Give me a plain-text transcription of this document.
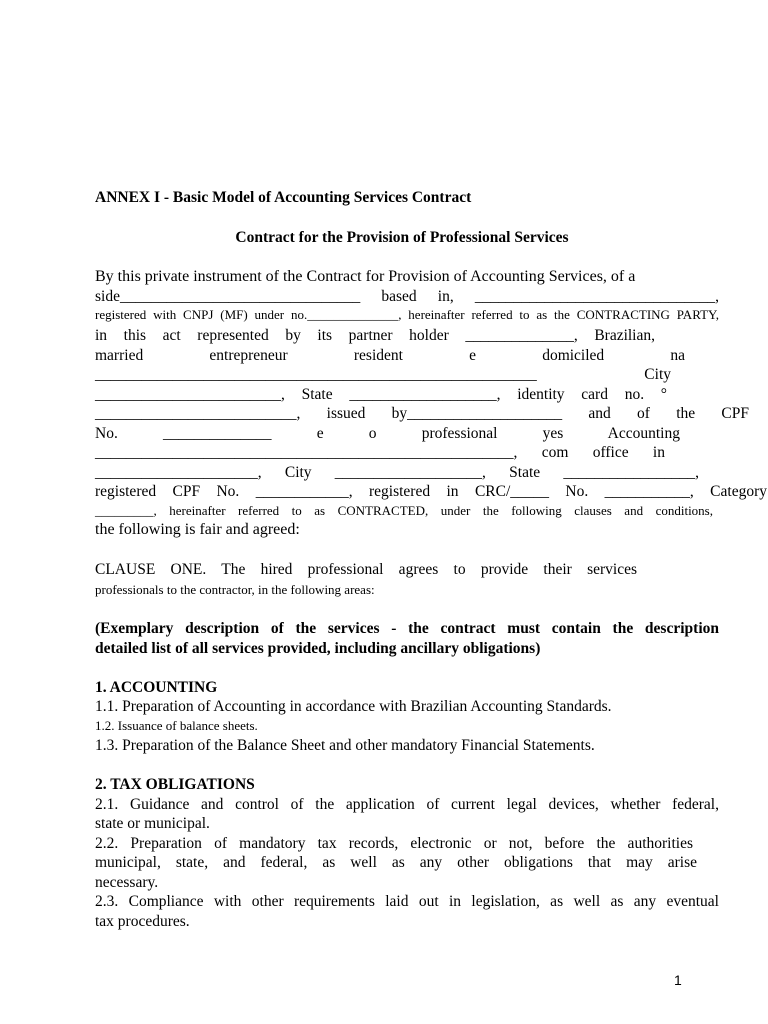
ANNEX I - Basic Model of Accounting Services Contract
Contract for the Provision of Professional Services
By this private instrument of the Contract for Provision of Accounting Services, of a
side_______________________________ based in, _______________________________,
registered with CNPJ (MF) under no.______________, hereinafter referred to as the CONTRACTING PARTY,
in this act represented by its partner holder ______________, Brazilian,
married entrepreneur resident e domiciled na
_________________________________________________________ City
________________________, State ___________________, identity card no. °
__________________________, issued by____________________ and of the CPF
No. ______________ e o professional yes Accounting
______________________________________________________, com office in
_____________________, City ___________________, State _________________,
registered CPF No. ____________, registered in CRC/_____ No. ___________, Category
_________, hereinafter referred to as CONTRACTED, under the following clauses and conditions,
the following is fair and agreed:
CLAUSE ONE. The hired professional agrees to provide their services
professionals to the contractor, in the following areas:
(Exemplary description of the services - the contract must contain the description
detailed list of all services provided, including ancillary obligations)
1. ACCOUNTING
1.1. Preparation of Accounting in accordance with Brazilian Accounting Standards.
1.2. Issuance of balance sheets.
1.3. Preparation of the Balance Sheet and other mandatory Financial Statements.
2. TAX OBLIGATIONS
2.1. Guidance and control of the application of current legal devices, whether federal,
state or municipal.
2.2. Preparation of mandatory tax records, electronic or not, before the authorities
municipal, state, and federal, as well as any other obligations that may arise
necessary.
2.3. Compliance with other requirements laid out in legislation, as well as any eventual
tax procedures.
1
